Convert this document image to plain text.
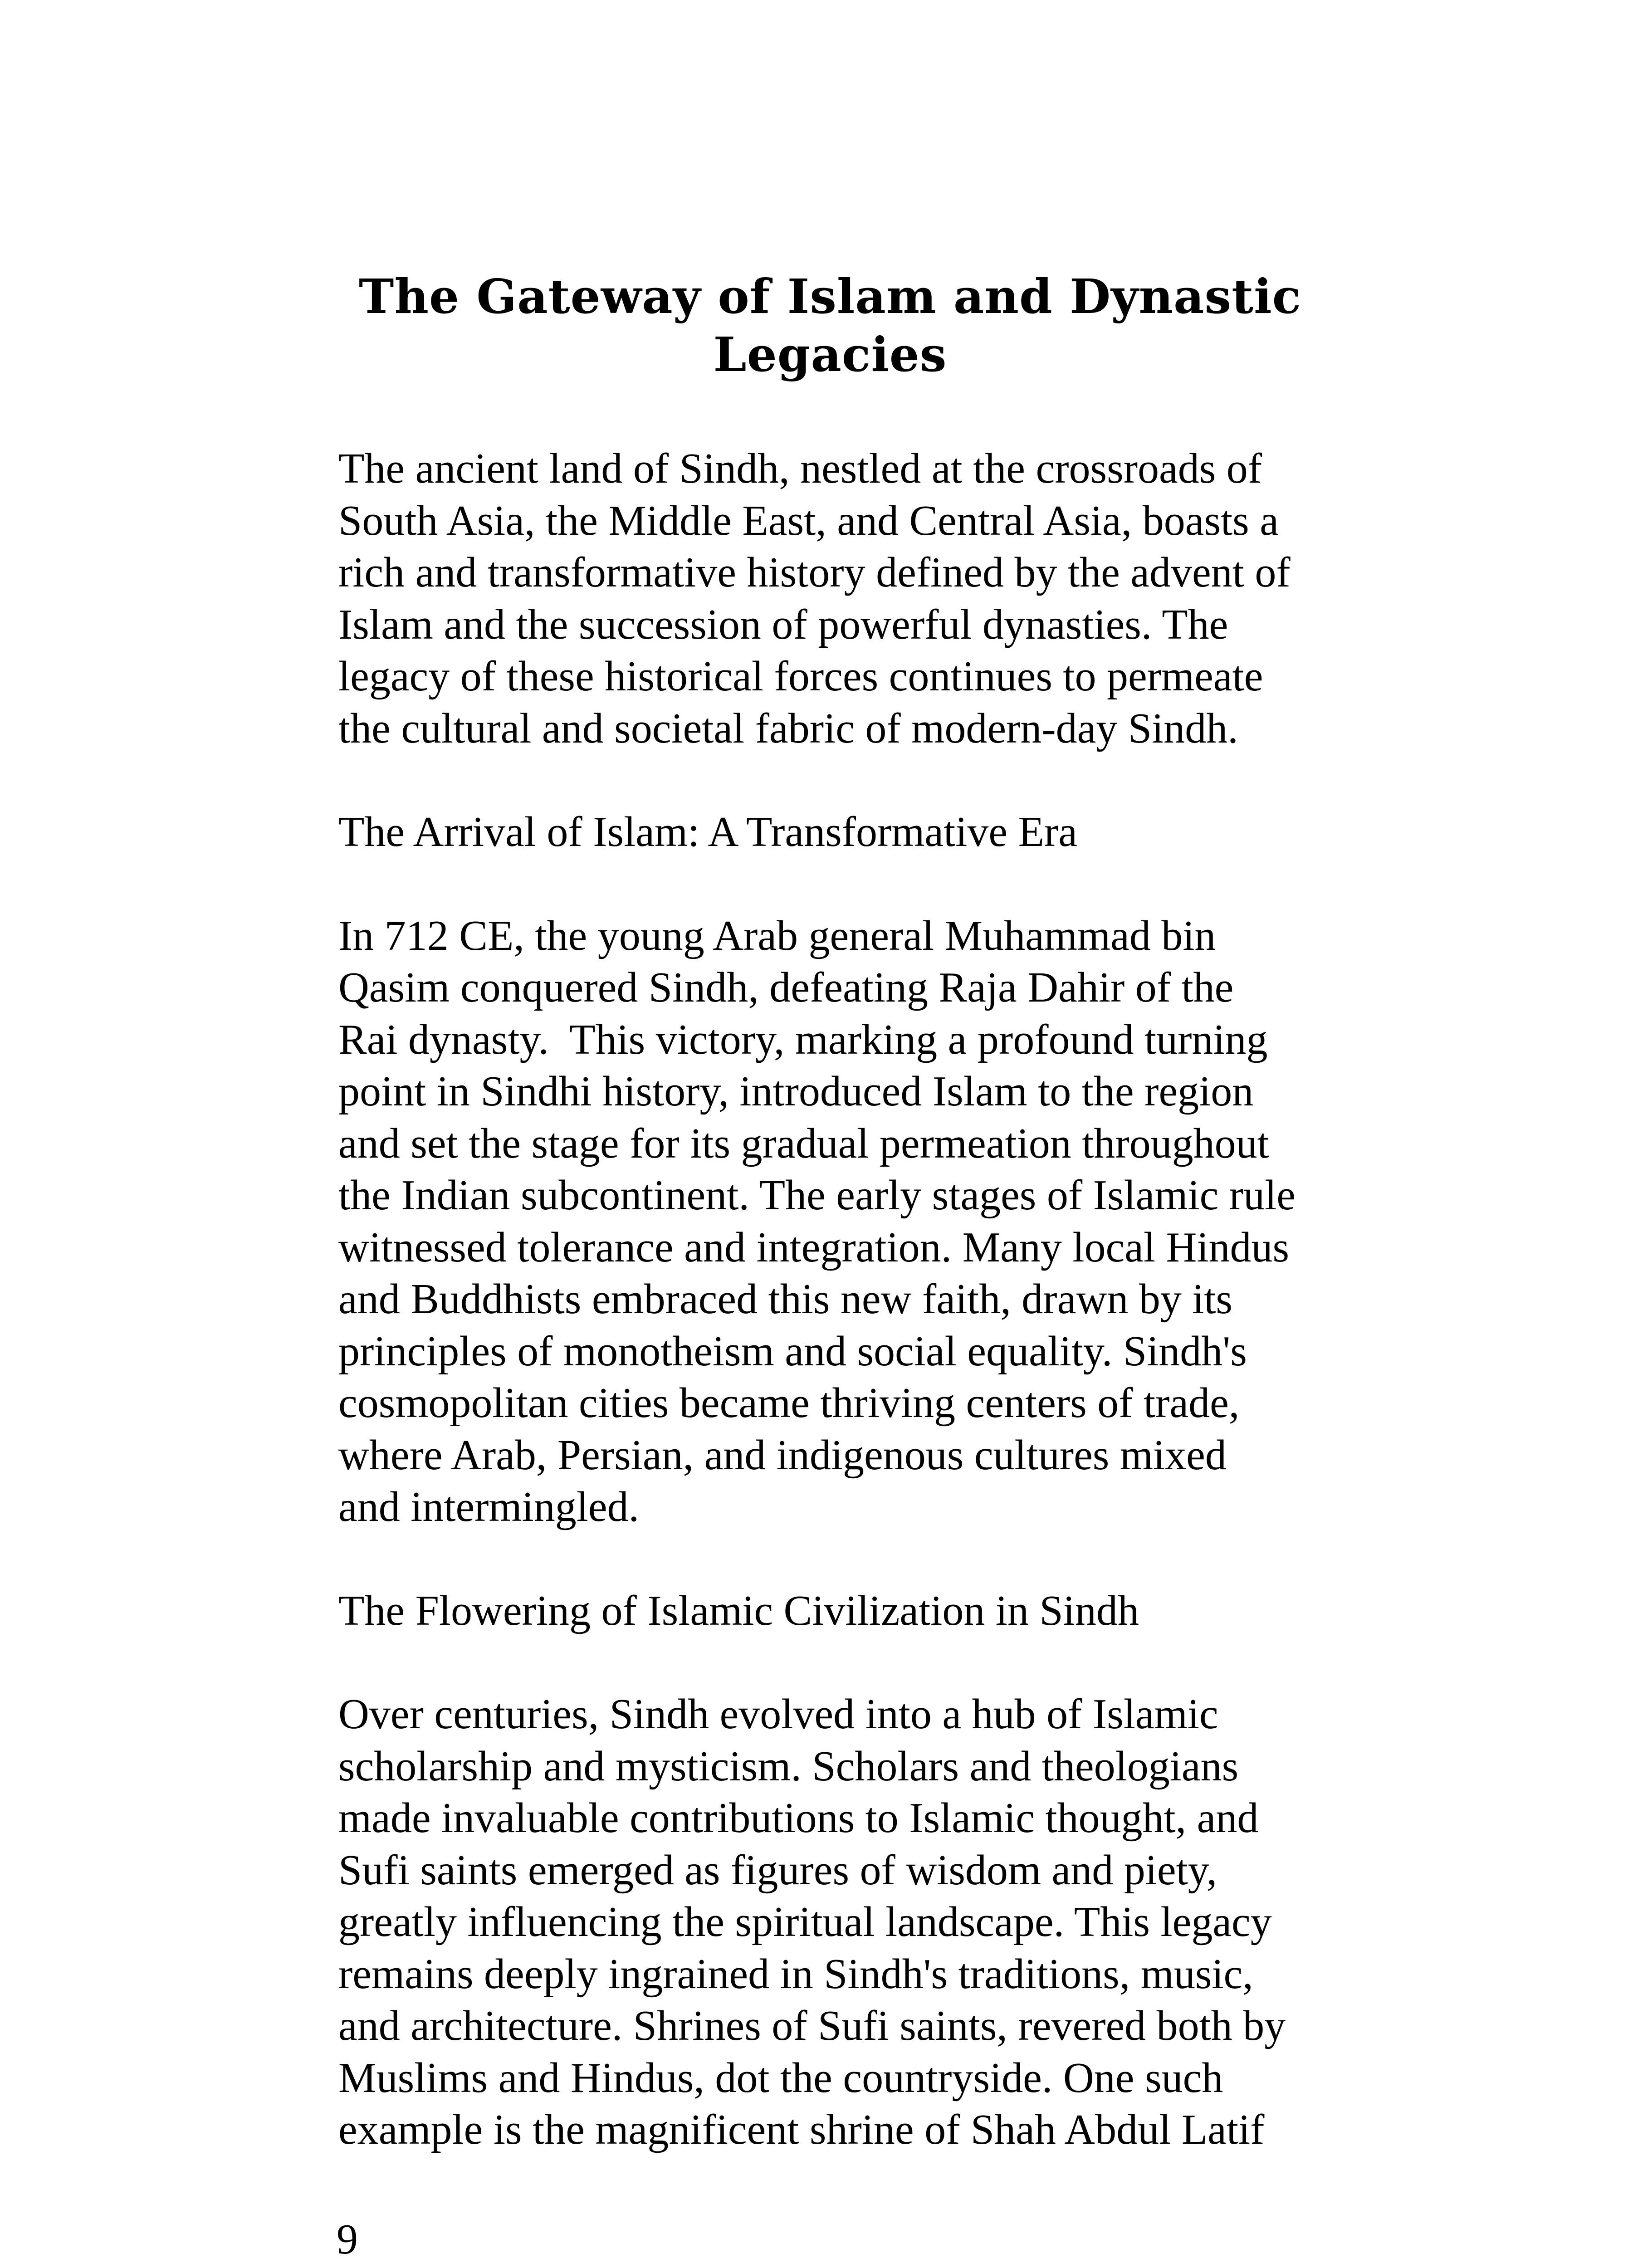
The Gateway of Islam and Dynastic
Legacies

The ancient land of Sindh, nestled at the crossroads of
South Asia, the Middle East, and Central Asia, boasts a
rich and transformative history defined by the advent of
Islam and the succession of powerful dynasties. The
legacy of these historical forces continues to permeate
the cultural and societal fabric of modern-day Sindh.

The Arrival of Islam: A Transformative Era

In 712 CE, the young Arab general Muhammad bin
Qasim conquered Sindh, defeating Raja Dahir of the
Rai dynasty.  This victory, marking a profound turning
point in Sindhi history, introduced Islam to the region
and set the stage for its gradual permeation throughout
the Indian subcontinent. The early stages of Islamic rule
witnessed tolerance and integration. Many local Hindus
and Buddhists embraced this new faith, drawn by its
principles of monotheism and social equality. Sindh's
cosmopolitan cities became thriving centers of trade,
where Arab, Persian, and indigenous cultures mixed
and intermingled.

The Flowering of Islamic Civilization in Sindh

Over centuries, Sindh evolved into a hub of Islamic
scholarship and mysticism. Scholars and theologians
made invaluable contributions to Islamic thought, and
Sufi saints emerged as figures of wisdom and piety,
greatly influencing the spiritual landscape. This legacy
remains deeply ingrained in Sindh's traditions, music,
and architecture. Shrines of Sufi saints, revered both by
Muslims and Hindus, dot the countryside. One such
example is the magnificent shrine of Shah Abdul Latif

9
